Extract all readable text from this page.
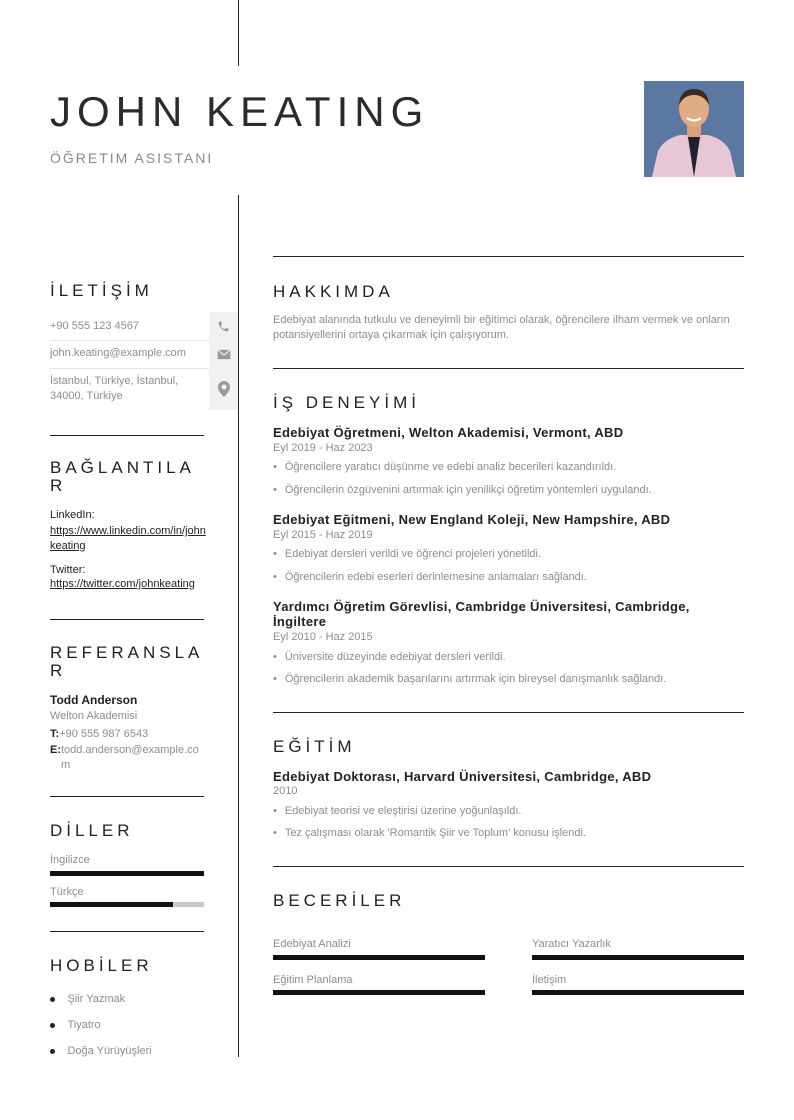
JOHN KEATING
ÖĞRETIM ASISTANI
İLETİŞİM
+90 555 123 4567
john.keating@example.com
İstanbul, Türkiye, İstanbul, 34000, Türkiye
BAĞLANTILA R
LinkedIn:
https://www.linkedin.com/in/johnkeating
Twitter:
https://twitter.com/johnkeating
REFERANSLA R
Todd Anderson
Welton Akademisi
T:+90 555 987 6543
E: todd.anderson@example.com
DİLLER
İngilizce
Türkçe
HOBİLER
Şiir Yazmak
Tiyatro
Doğa Yürüyüşleri
HAKKIMDA
Edebiyat alanında tutkulu ve deneyimli bir eğitimci olarak, öğrencilere ilham vermek ve onların potansiyellerini ortaya çıkarmak için çalışıyorum.
İŞ DENEYİMİ
Edebiyat Öğretmeni, Welton Akademisi, Vermont, ABD
Eyl 2019 - Haz 2023
• Öğrencilere yaratıcı düşünme ve edebi analiz becerileri kazandırıldı.
• Öğrencilerin özgüvenini artırmak için yenilikçi öğretim yöntemleri uygulandı.
Edebiyat Eğitmeni, New England Koleji, New Hampshire, ABD
Eyl 2015 - Haz 2019
• Edebiyat dersleri verildi ve öğrenci projeleri yönetildi.
• Öğrencilerin edebi eserleri derinlemesine anlamaları sağlandı.
Yardımcı Öğretim Görevlisi, Cambridge Üniversitesi, Cambridge, İngiltere
Eyl 2010 - Haz 2015
• Üniversite düzeyinde edebiyat dersleri verildi.
• Öğrencilerin akademik başarılarını artırmak için bireysel danışmanlık sağlandı.
EĞİTİM
Edebiyat Doktorası, Harvard Üniversitesi, Cambridge, ABD
2010
• Edebiyat teorisi ve eleştirisi üzerine yoğunlaşıldı.
• Tez çalışması olarak 'Romantik Şiir ve Toplum' konusu işlendi.
BECERİLER
Edebiyat Analizi	Yaratıcı Yazarlık
Eğitim Planlama	İletişim
